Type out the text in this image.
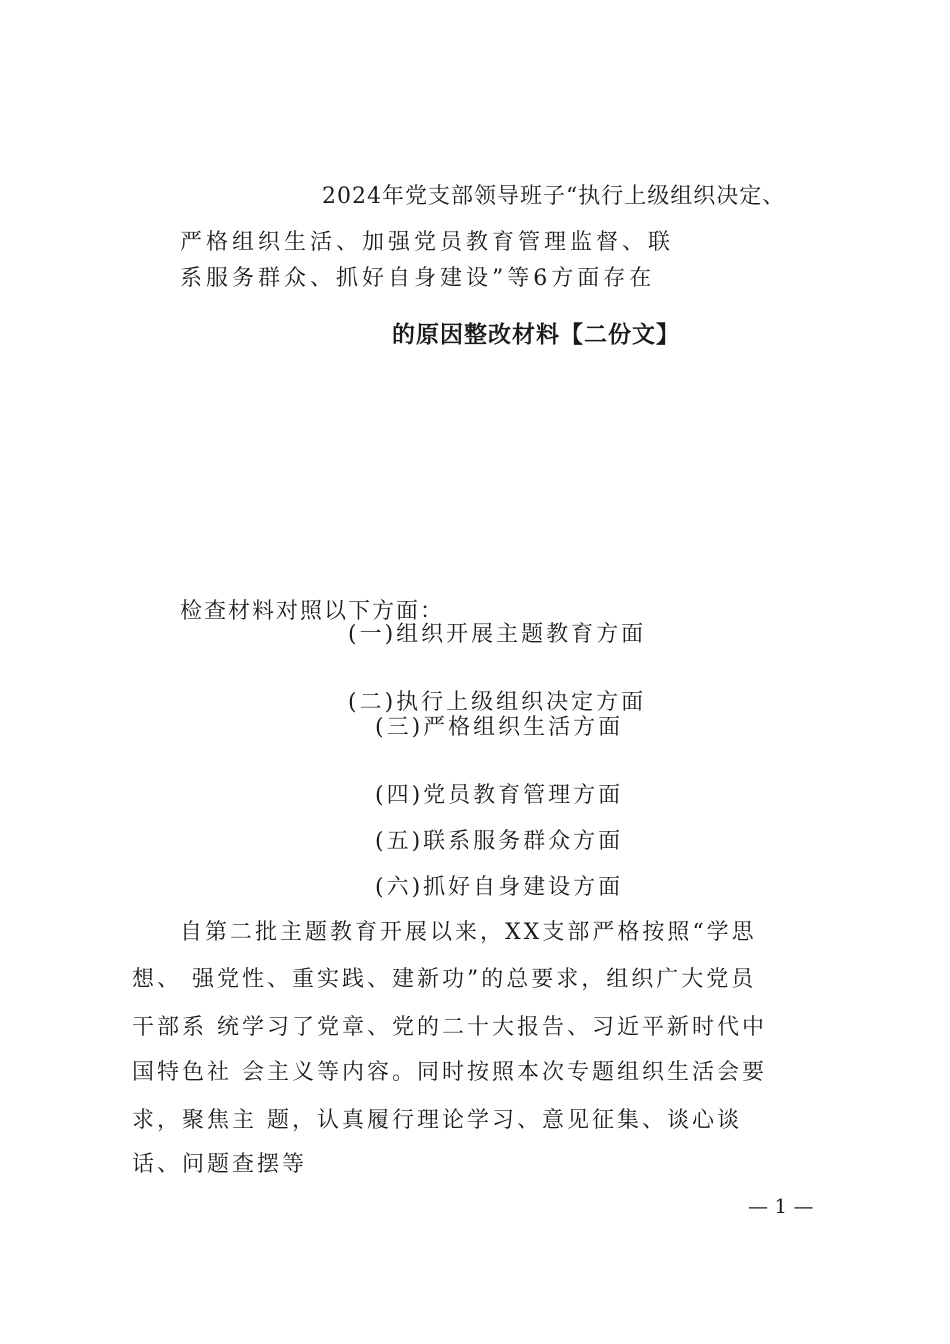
2024年党支部领导班子“执行上级组织决定、
严格组织生活、加强党员教育管理监督、联
系服务群众、抓好自身建设”等6方面存在
的原因整改材料【二份文】
检查材料对照以下方面：
(一)组织开展主题教育方面
(二)执行上级组织决定方面
(三)严格组织生活方面
(四)党员教育管理方面
(五)联系服务群众方面
(六)抓好自身建设方面
自第二批主题教育开展以来，XX支部严格按照“学思
想、 强党性、重实践、建新功”的总要求，组织广大党员
干部系 统学习了党章、党的二十大报告、习近平新时代中
国特色社 会主义等内容。同时按照本次专题组织生活会要
求，聚焦主 题，认真履行理论学习、意见征集、谈心谈
话、问题查摆等
— 1 —
